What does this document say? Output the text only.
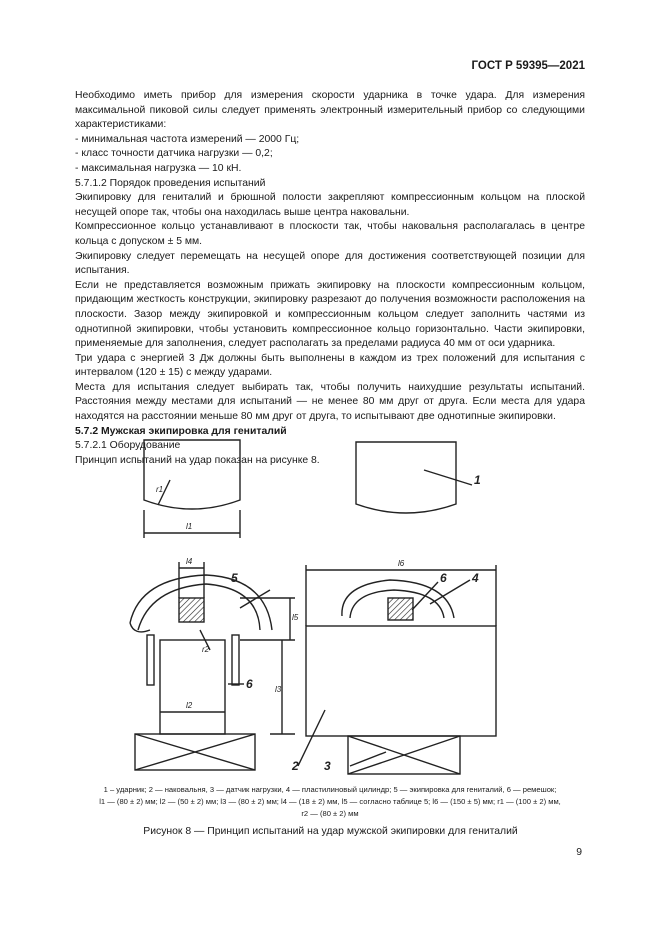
ГОСТ Р 59395—2021

Необходимо иметь прибор для измерения скорости ударника в точке удара. Для измерения максимальной пиковой силы следует применять электронный измерительный прибор со следующими характеристиками:

- минимальная частота измерений — 2000 Гц;

- класс точности датчика нагрузки — 0,2;

- максимальная нагрузка — 10 кН.

5.7.1.2 Порядок проведения испытаний

Экипировку для гениталий и брюшной полости закрепляют компрессионным кольцом на плоской несущей опоре так, чтобы она находилась выше центра наковальни.

Компрессионное кольцо устанавливают в плоскости так, чтобы наковальня располагалась в центре кольца с допуском ± 5 мм.

Экипировку следует перемещать на несущей опоре для достижения соответствующей позиции для испытания.

Если не представляется возможным прижать экипировку на плоскости компрессионным кольцом, придающим жесткость конструкции, экипировку разрезают до получения возможности расположения на плоскости. Зазор между экипировкой и компрессионным кольцом следует заполнить частями из однотипной экипировки, чтобы установить компрессионное кольцо горизонтально. Части экипировки, применяемые для заполнения, следует располагать за пределами радиуса 40 мм от оси ударника.

Три удара с энергией 3 Дж должны быть выполнены в каждом из трех положений для испытания с интервалом (120 ± 15) с между ударами.

Места для испытания следует выбирать так, чтобы получить наихудшие результаты испытаний. Расстояния между местами для испытаний — не менее 80 мм друг от друга. Если места для удара находятся на расстоянии меньше 80 мм друг от друга, то испытывают две однотипные экипировки.

5.7.2 Мужская экипировка для гениталий

5.7.2.1 Оборудование

Принцип испытаний на удар показан на рисунке 8.

1
2 3
4
5	6
6
l1
l2
l3
l4
l5
l6
r1
r2
1 – ударник; 2 — наковальня, 3 — датчик нагрузки, 4 — пластилиновый цилиндр; 5 — экипировка для гениталий, 6 — ремешок;
l1 — (80 ± 2) мм; l2 — (50 ± 2) мм; l3 — (80 ± 2) мм; l4 — (18 ± 2) мм, l5 — согласно таблице 5; l6 — (150 ± 5) мм; r1 — (100 ± 2) мм,
r2 — (80 ± 2) мм
Рисунок 8 — Принцип испытаний на удар мужской экипировки для гениталий
9
